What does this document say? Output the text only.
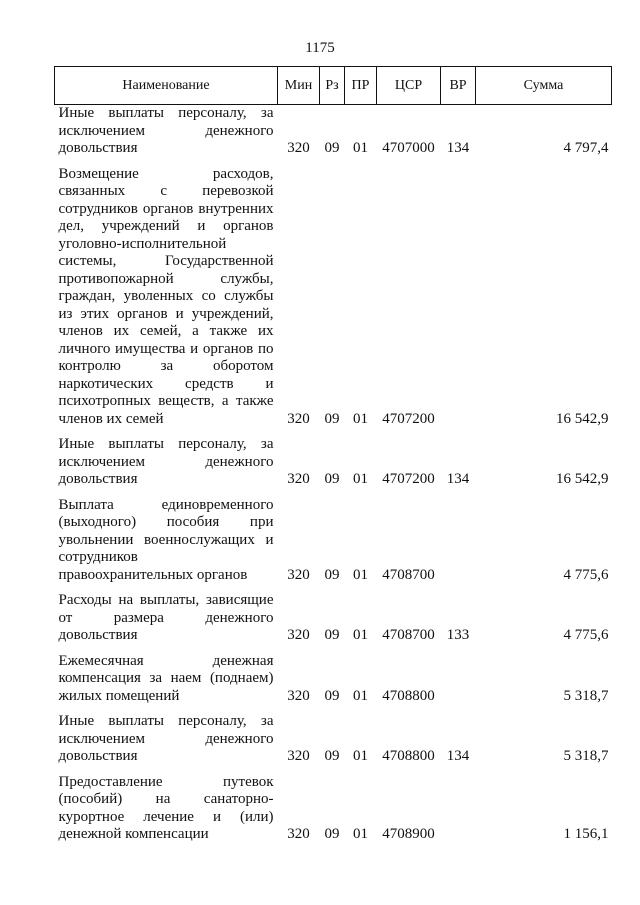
1175
Наименование	Мин	Рз	ПР	ЦСР	ВР	Сумма
Иные выплаты персоналу, за исключением денежного довольствия	320	09	01	4707000	134	4 797,4
Возмещение расходов, связанных с перевозкой сотрудников органов внутренних дел, учреждений и органов уголовно-исполнительной системы, Государственной противопожарной службы, граждан, уволенных со службы из этих органов и учреждений, членов их семей, а также их личного имущества и органов по контролю за оборотом наркотических средств и психотропных веществ, а также членов их семей	320	09	01	4707200		16 542,9
Иные выплаты персоналу, за исключением денежного довольствия	320	09	01	4707200	134	16 542,9
Выплата единовременного (выходного) пособия при увольнении военнослужащих и сотрудников правоохранительных органов	320	09	01	4708700		4 775,6
Расходы на выплаты, зависящие от размера денежного довольствия	320	09	01	4708700	133	4 775,6
Ежемесячная денежная компенсация за наем (поднаем) жилых помещений	320	09	01	4708800		5 318,7
Иные выплаты персоналу, за исключением денежного довольствия	320	09	01	4708800	134	5 318,7
Предоставление путевок (пособий) на санаторно-курортное лечение и (или) денежной компенсации	320	09	01	4708900		1 156,1
